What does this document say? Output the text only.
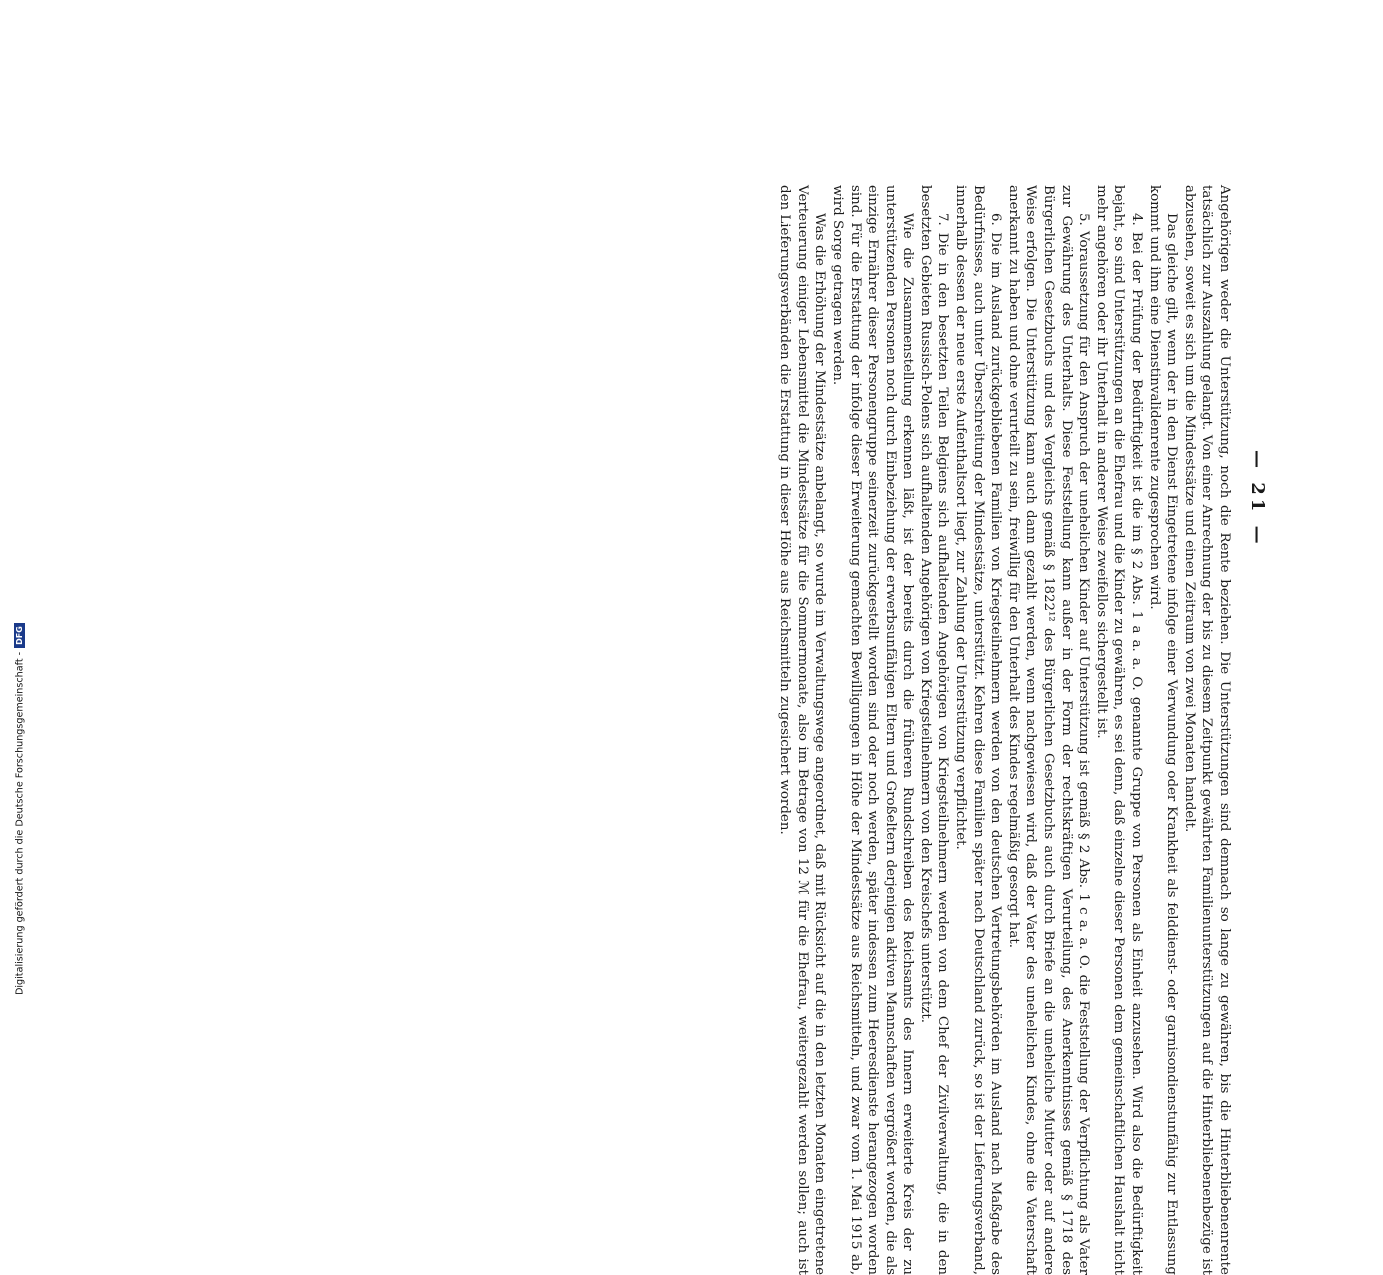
— 21 —

Angehörigen weder die Unterstützung, noch die Rente beziehen. Die Unterstützungen sind demnach so lange zu gewähren, bis die Hinterbliebenenrente tatsächlich zur Auszahlung gelangt. Von einer Anrechnung der bis zu diesem Zeitpunkt gewährten Familienunterstützungen auf die Hinterbliebenenbezüge ist abzusehen, soweit es sich um die Mindestsätze und einen Zeitraum von zwei Monaten handelt.

Das gleiche gilt, wenn der in den Dienst Eingetretene infolge einer Verwundung oder Krankheit als felddienst- oder garnisondienstunfähig zur Entlassung kommt und ihm eine Dienstinvalidenrente zugesprochen wird.

4. Bei der Prüfung der Bedürftigkeit ist die im § 2 Abs. 1 a a. a. O. genannte Gruppe von Personen als Einheit anzusehen. Wird also die Bedürftigkeit bejaht, so sind Unterstützungen an die Ehefrau und die Kinder zu gewähren, es sei denn, daß einzelne dieser Personen dem gemeinschaftlichen Haushalt nicht mehr angehören oder ihr Unterhalt in anderer Weise zweifellos sichergestellt ist.

5. Voraussetzung für den Anspruch der unehelichen Kinder auf Unterstützung ist gemäß § 2 Abs. 1 c a. a. O. die Feststellung der Verpflichtung als Vater zur Gewährung des Unterhalts. Diese Feststellung kann außer in der Form der rechtskräftigen Verurteilung, des Anerkenntnisses gemäß § 1718 des Bürgerlichen Gesetzbuchs und des Vergleichs gemäß § 1822¹² des Bürgerlichen Gesetzbuchs auch durch Briefe an die uneheliche Mutter oder auf andere Weise erfolgen. Die Unterstützung kann auch dann gezahlt werden, wenn nachgewiesen wird, daß der Vater des unehelichen Kindes, ohne die Vaterschaft anerkannt zu haben und ohne verurteilt zu sein, freiwillig für den Unterhalt des Kindes regelmäßig gesorgt hat.

6. Die im Ausland zurückgebliebenen Familien von Kriegsteilnehmern werden von den deutschen Vertretungsbehörden im Ausland nach Maßgabe des Bedürfnisses, auch unter Überschreitung der Mindestsätze, unterstützt. Kehren diese Familien später nach Deutschland zurück, so ist der Lieferungsverband, innerhalb dessen der neue erste Aufenthaltsort liegt, zur Zahlung der Unterstützung verpflichtet.

7. Die in den besetzten Teilen Belgiens sich aufhaltenden Angehörigen von Kriegsteilnehmern werden von dem Chef der Zivilverwaltung, die in den besetzten Gebieten Russisch-Polens sich aufhaltenden Angehörigen von Kriegsteilnehmern von den Kreischefs unterstützt.

Wie die Zusammenstellung erkennen läßt, ist der bereits durch die früheren Rundschreiben des Reichsamts des Innern erweiterte Kreis der zu unterstützenden Personen noch durch Einbeziehung der erwerbsunfähigen Eltern und Großeltern derjenigen aktiven Mannschaften vergrößert worden, die als einzige Ernährer dieser Personengruppe seinerzeit zurückgestellt worden sind oder noch werden, später indessen zum Heeresdienste herangezogen worden sind. Für die Erstattung der infolge dieser Erweiterung gemachten Bewilligungen in Höhe der Mindestsätze aus Reichsmitteln, und zwar vom 1. Mai 1915 ab, wird Sorge getragen werden.

Was die Erhöhung der Mindestsätze anbelangt, so wurde im Verwaltungswege angeordnet, daß mit Rücksicht auf die in den letzten Monaten eingetretene Verteuerung einiger Lebensmittel die Mindestsätze für die Sommermonate, also im Betrage von 12 ℳ für die Ehefrau, weitergezahlt werden sollen; auch ist den Lieferungsverbänden die Erstattung in dieser Höhe aus Reichsmitteln zugesichert worden.

Digitalisierung gefördert durch die Deutsche Forschungsgemeinschaft -DFG
